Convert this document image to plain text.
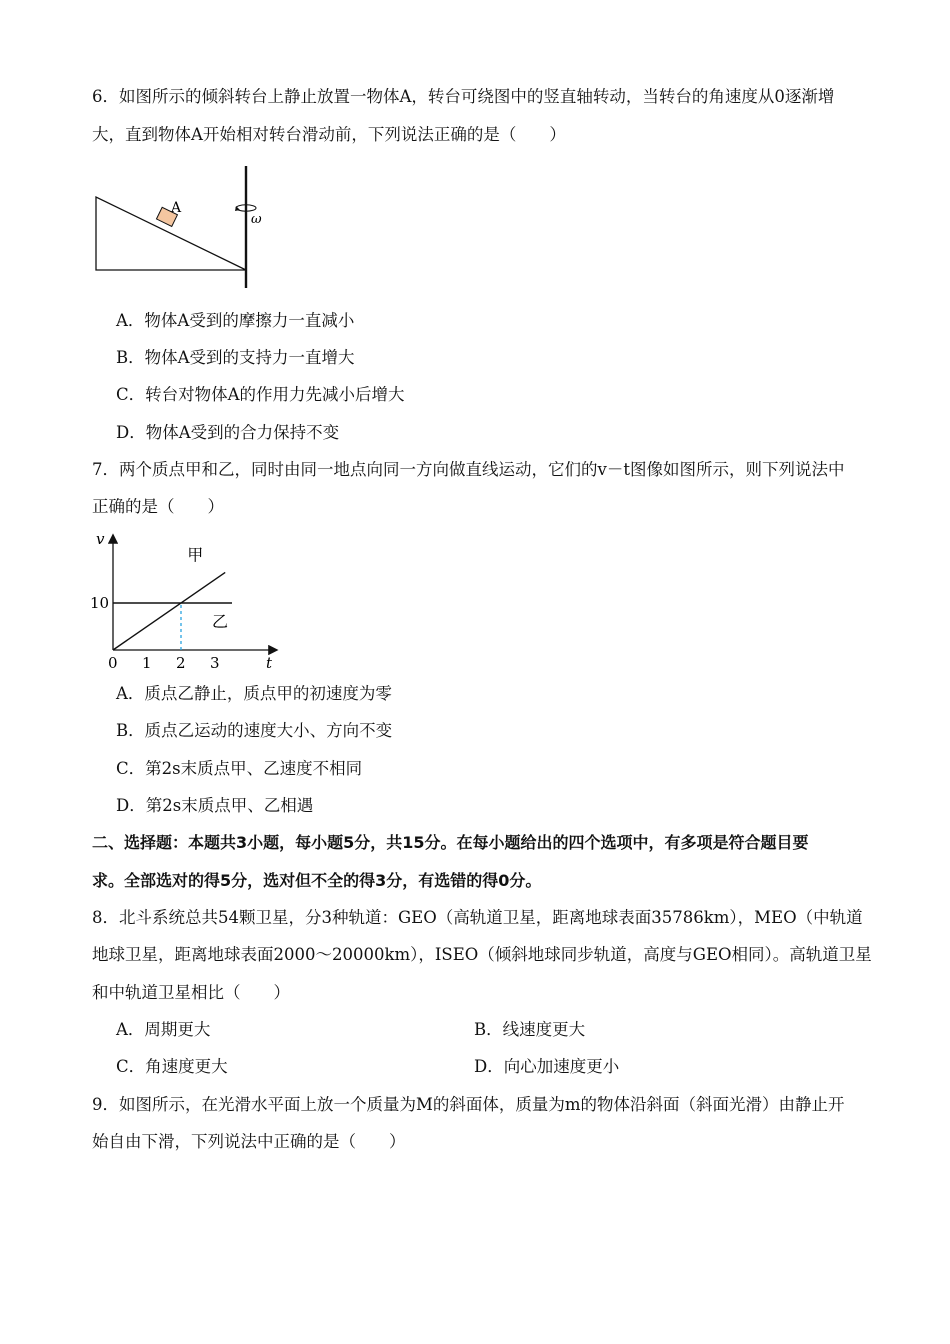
6．如图所示的倾斜转台上静止放置一物体A，转台可绕图中的竖直轴转动，当转台的角速度从0逐渐增
大，直到物体A开始相对转台滑动前，下列说法正确的是（　　）
A
ω
A．物体A受到的摩擦力一直减小
B．物体A受到的支持力一直增大
C．转台对物体A的作用力先减小后增大
D．物体A受到的合力保持不变
7．两个质点甲和乙，同时由同一地点向同一方向做直线运动，它们的v－t图像如图所示，则下列说法中
正确的是（　　）
v
t
0 1 2 3
10
甲
乙
A．质点乙静止，质点甲的初速度为零
B．质点乙运动的速度大小、方向不变
C．第2s末质点甲、乙速度不相同
D．第2s末质点甲、乙相遇
二、选择题：本题共3小题，每小题5分，共15分。在每小题给出的四个选项中，有多项是符合题目要
求。全部选对的得5分，选对但不全的得3分，有选错的得0分。
8．北斗系统总共54颗卫星，分3种轨道：GEO（高轨道卫星，距离地球表面35786km），MEO（中轨道
地球卫星，距离地球表面2000～20000km），ISEO（倾斜地球同步轨道，高度与GEO相同）。高轨道卫星
和中轨道卫星相比（　　）
A．周期更大	B．线速度更大
C．角速度更大	D．向心加速度更小
9．如图所示，在光滑水平面上放一个质量为M的斜面体，质量为m的物体沿斜面（斜面光滑）由静止开
始自由下滑，下列说法中正确的是（　　）
